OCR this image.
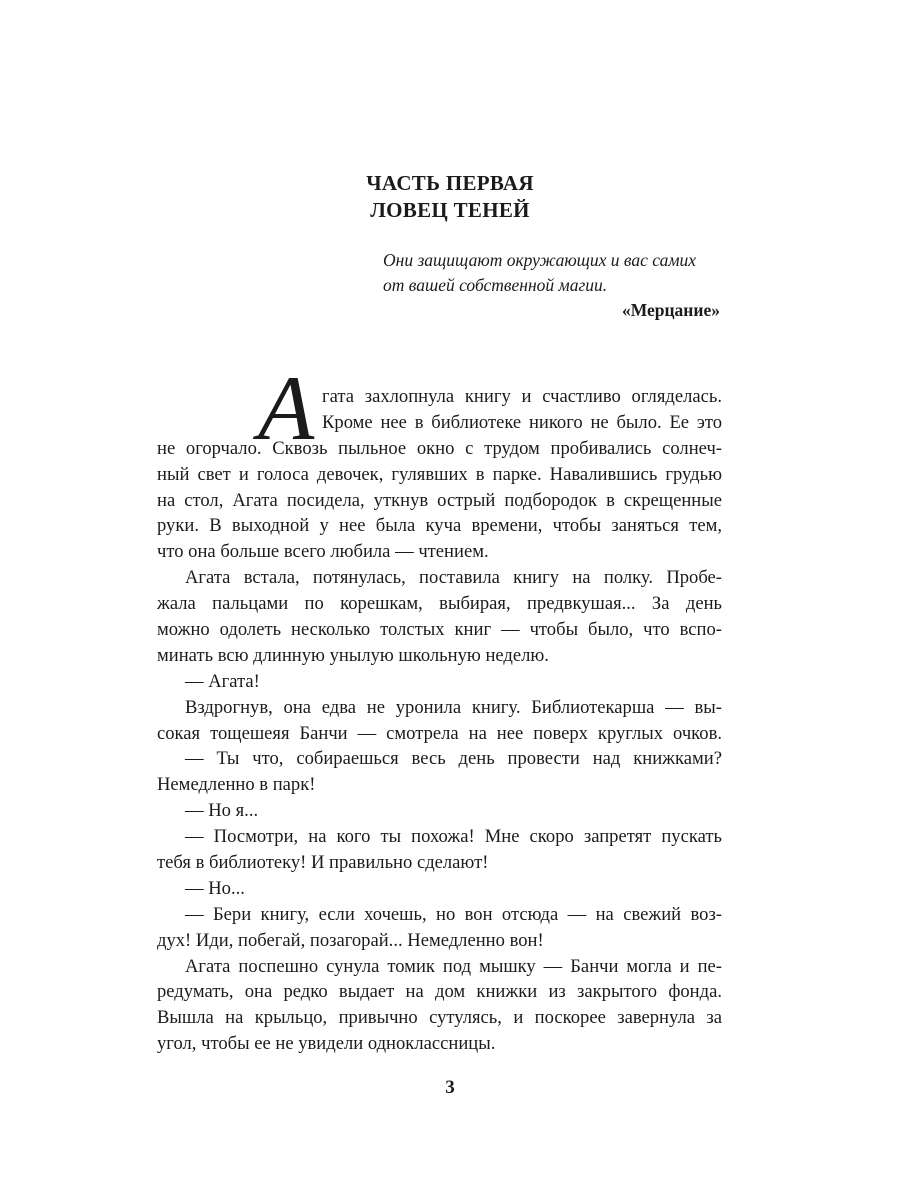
ЧАСТЬ ПЕРВАЯ
ЛОВЕЦ ТЕНЕЙ
Они защищают окружающих и вас самих
от вашей собственной магии.
«Мерцание»
А гата захлопнула книгу и счастливо огляделась.
Кроме нее в библиотеке никого не было. Ее это
не огорчало. Сквозь пыльное окно с трудом пробивались солнеч-
ный свет и голоса девочек, гулявших в парке. Навалившись грудью
на стол, Агата посидела, уткнув острый подбородок в скрещенные
руки. В выходной у нее была куча времени, чтобы заняться тем,
что она больше всего любила — чтением.
Агата встала, потянулась, поставила книгу на полку. Пробе-
жала пальцами по корешкам, выбирая, предвкушая... За день
можно одолеть несколько толстых книг — чтобы было, что вспо-
минать всю длинную унылую школьную неделю.
— Агата!
Вздрогнув, она едва не уронила книгу. Библиотекарша — вы-
сокая тощешеяя Банчи — смотрела на нее поверх круглых очков.
— Ты что, собираешься весь день провести над книжками?
Немедленно в парк!
— Но я...
— Посмотри, на кого ты похожа! Мне скоро запретят пускать
тебя в библиотеку! И правильно сделают!
— Но...
— Бери книгу, если хочешь, но вон отсюда — на свежий воз-
дух! Иди, побегай, позагорай... Немедленно вон!
Агата поспешно сунула томик под мышку — Банчи могла и пе-
редумать, она редко выдает на дом книжки из закрытого фонда.
Вышла на крыльцо, привычно сутулясь, и поскорее завернула за
угол, чтобы ее не увидели одноклассницы.
3
